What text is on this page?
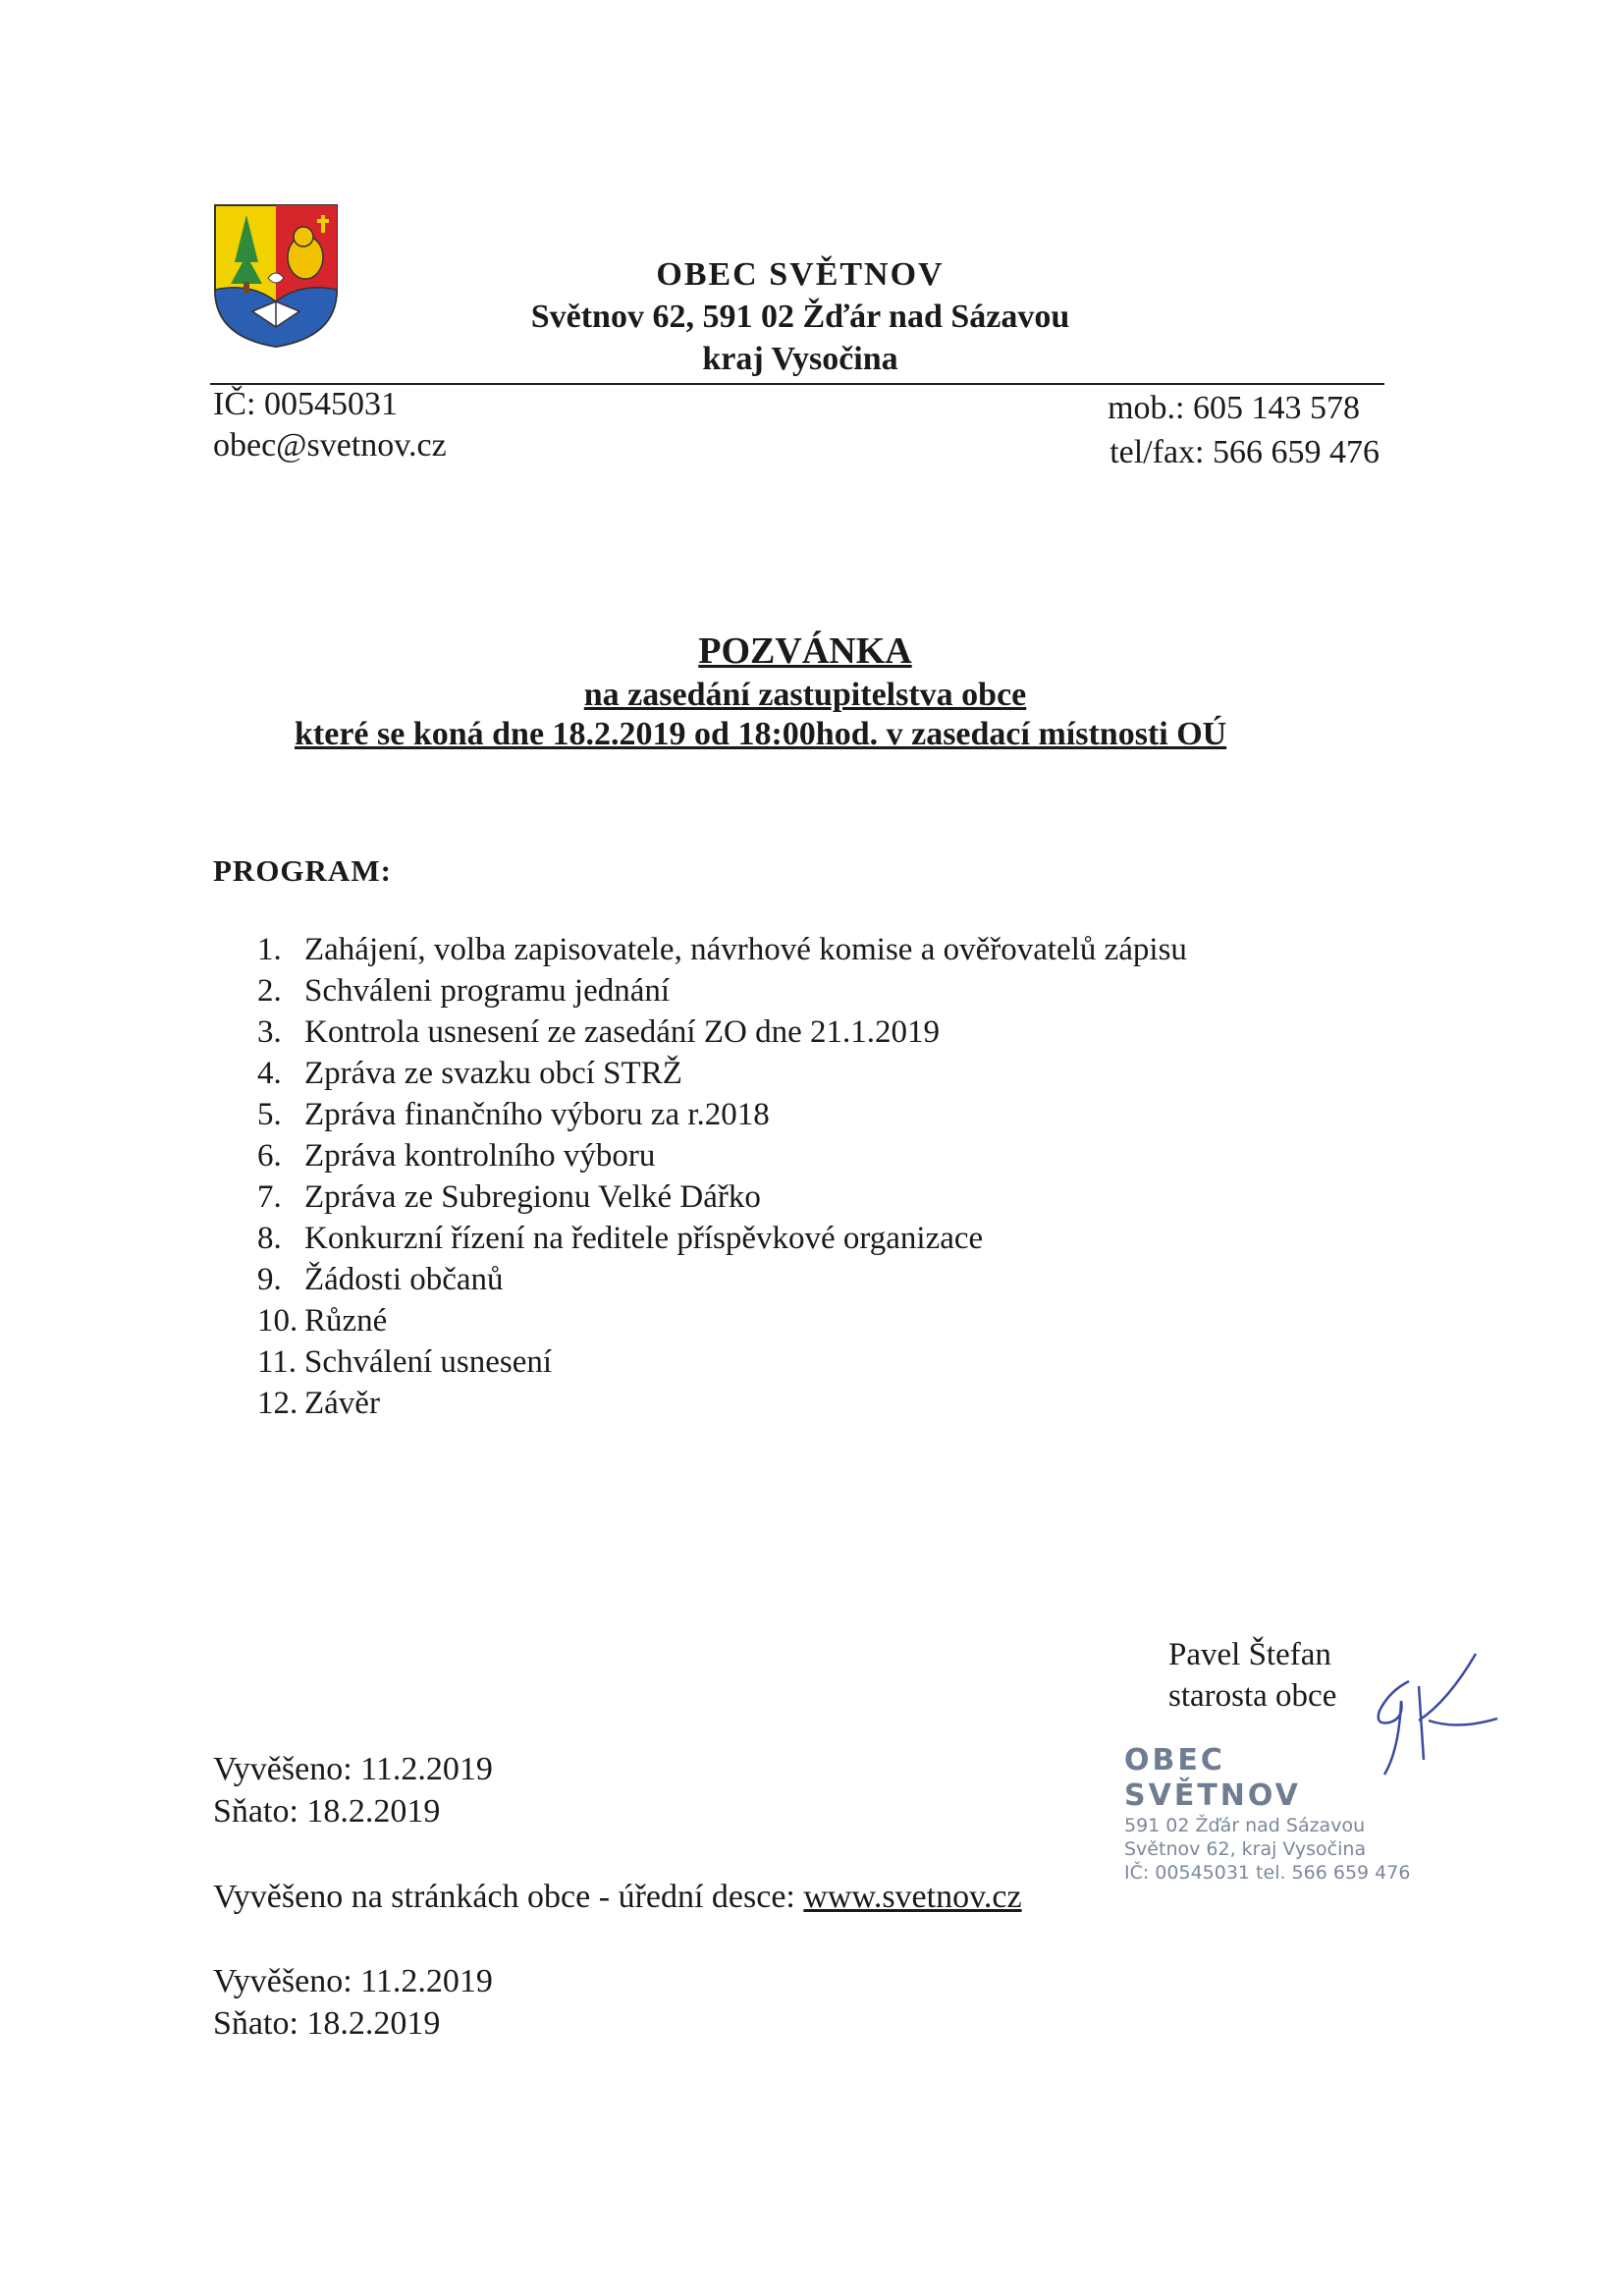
OBEC SVĚTNOV
Světnov 62, 591 02 Žďár nad Sázavou
kraj Vysočina
IČ: 00545031
obec@svetnov.cz
mob.: 605 143 578
tel/fax: 566 659 476
POZVÁNKA
na zasedání zastupitelstva obce
které se koná dne 18.2.2019 od 18:00hod. v zasedací místnosti OÚ
PROGRAM:
1. Zahájení, volba zapisovatele, návrhové komise a ověřovatelů zápisu
2. Schváleni programu jednání
3. Kontrola usnesení ze zasedání ZO dne 21.1.2019
4. Zpráva ze svazku obcí STRŽ
5. Zpráva finančního výboru za r.2018
6. Zpráva kontrolního výboru
7. Zpráva ze Subregionu Velké Dářko
8. Konkurzní řízení na ředitele příspěvkové organizace
9. Žádosti občanů
10. Různé
11. Schválení usnesení
12. Závěr
Pavel Štefan
starosta obce
OBEC SVĚTNOV
591 02 Žďár nad Sázavou
Světnov 62, kraj Vysočina
IČ: 00545031 tel. 566 659 476
Vyvěšeno: 11.2.2019
Sňato: 18.2.2019
Vyvěšeno na stránkách obce - úřední desce: www.svetnov.cz
Vyvěšeno: 11.2.2019
Sňato: 18.2.2019
